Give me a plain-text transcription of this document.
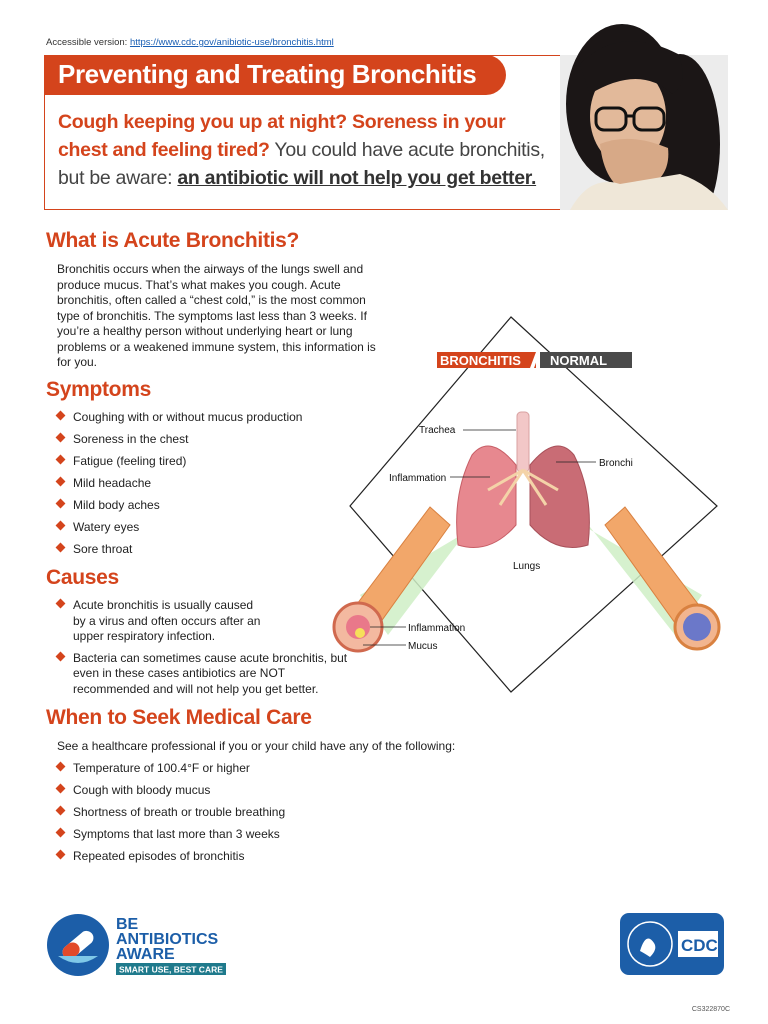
Accessible version: https://www.cdc.gov/anibiotic-use/bronchitis.html
Preventing and Treating Bronchitis
Cough keeping you up at night? Soreness in your chest and feeling tired? You could have acute bronchitis, but be aware: an antibiotic will not help you get better.
What is Acute Bronchitis?
Bronchitis occurs when the airways of the lungs swell and produce mucus. That’s what makes you cough. Acute bronchitis, often called a “chest cold,” is the most common type of bronchitis. The symptoms last less than 3 weeks. If you’re a healthy person without underlying heart or lung problems or a weakened immune system, this information is for you.
Symptoms
Coughing with or without mucus production
Soreness in the chest
Fatigue (feeling tired)
Mild headache
Mild body aches
Watery eyes
Sore throat
Causes
Acute bronchitis is usually caused by a virus and often occurs after an upper respiratory infection.
Bacteria can sometimes cause acute bronchitis, but even in these cases antibiotics are NOT recommended and will not help you get better.
When to Seek Medical Care
See a healthcare professional if you or your child have any of the following:
Temperature of 100.4°F or higher
Cough with bloody mucus
Shortness of breath or trouble breathing
Symptoms that last more than 3 weeks
Repeated episodes of bronchitis
BRONCHITIS NORMAL
Trachea
Bronchi
Inflammation
Lungs
Inflammation
Mucus
BE
ANTIBIOTICS
AWARE
SMART USE, BEST CARE
CDC
CS322870C
